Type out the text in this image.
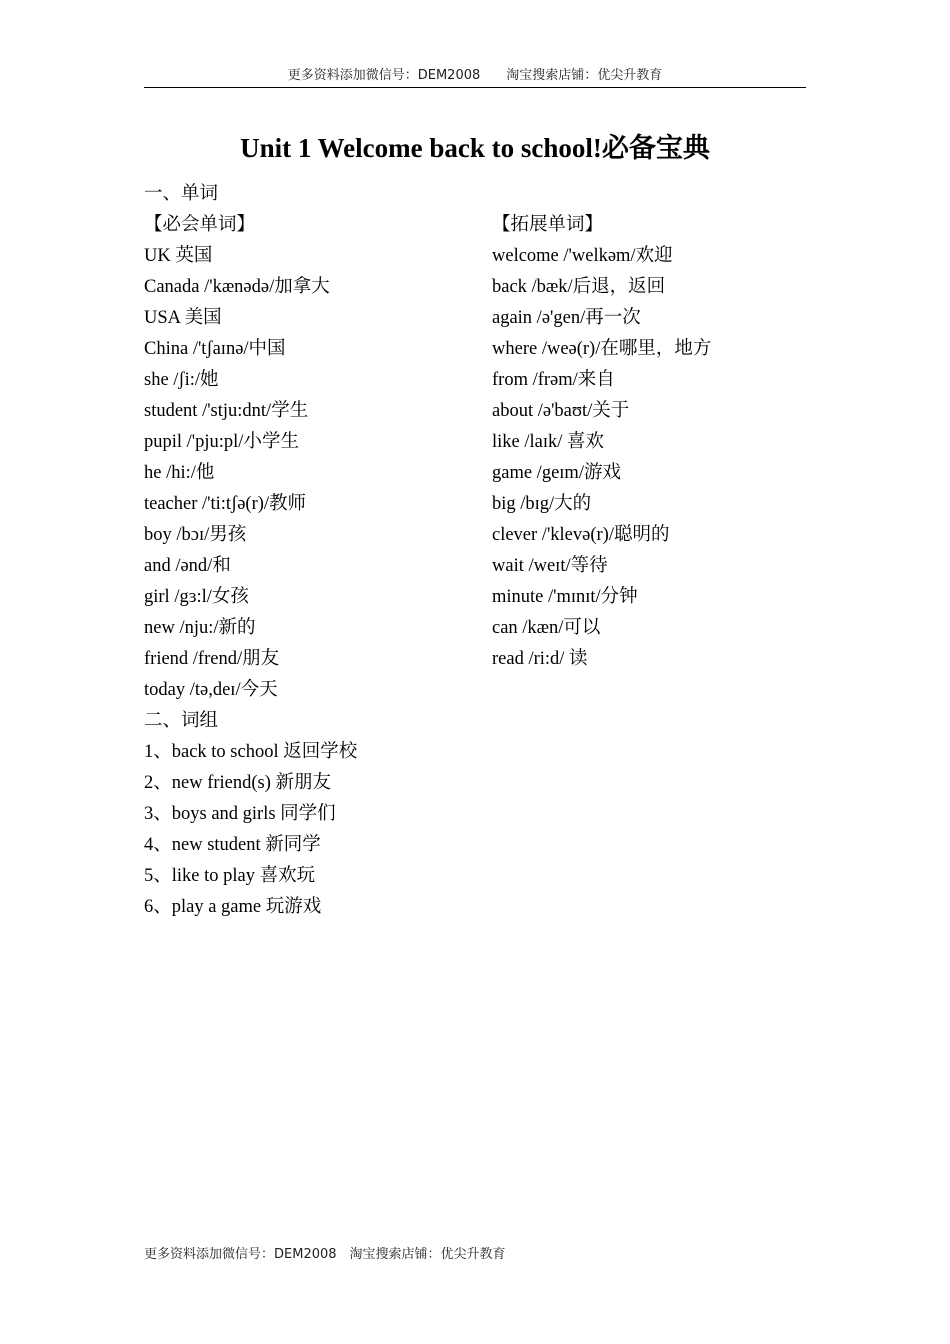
更多资料添加微信号：DEM2008　　淘宝搜索店铺：优尖升教育
Unit 1 Welcome back to school!必备宝典
一、单词
【必会单词】	【拓展单词】
UK 英国
Canada /'kænədə/加拿大
USA 美国
China /'tʃaɪnə/中国
she /ʃi:/她
student /'stju:dnt/学生
pupil /'pju:pl/小学生
he /hi:/他
teacher /'ti:tʃə(r)/教师
boy /bɔɪ/男孩
and /ənd/和
girl /gɜ:l/女孩
new /nju:/新的
friend /frend/朋友
today /tə,deɪ/今天
welcome /'welkəm/欢迎
back /bæk/后退，返回
again /ə'gen/再一次
where /weə(r)/在哪里，地方
from /frəm/来自
about /ə'baʊt/关于
like /laɪk/ 喜欢
game /geɪm/游戏
big /bɪg/大的
clever /'klevə(r)/聪明的
wait /weɪt/等待
minute /'mɪnɪt/分钟
can /kæn/可以
read /ri:d/ 读
二、词组
1、back to school 返回学校
2、new friend(s) 新朋友
3、boys and girls 同学们
4、new student 新同学
5、like to play 喜欢玩
6、play a game 玩游戏
更多资料添加微信号：DEM2008　淘宝搜索店铺：优尖升教育
